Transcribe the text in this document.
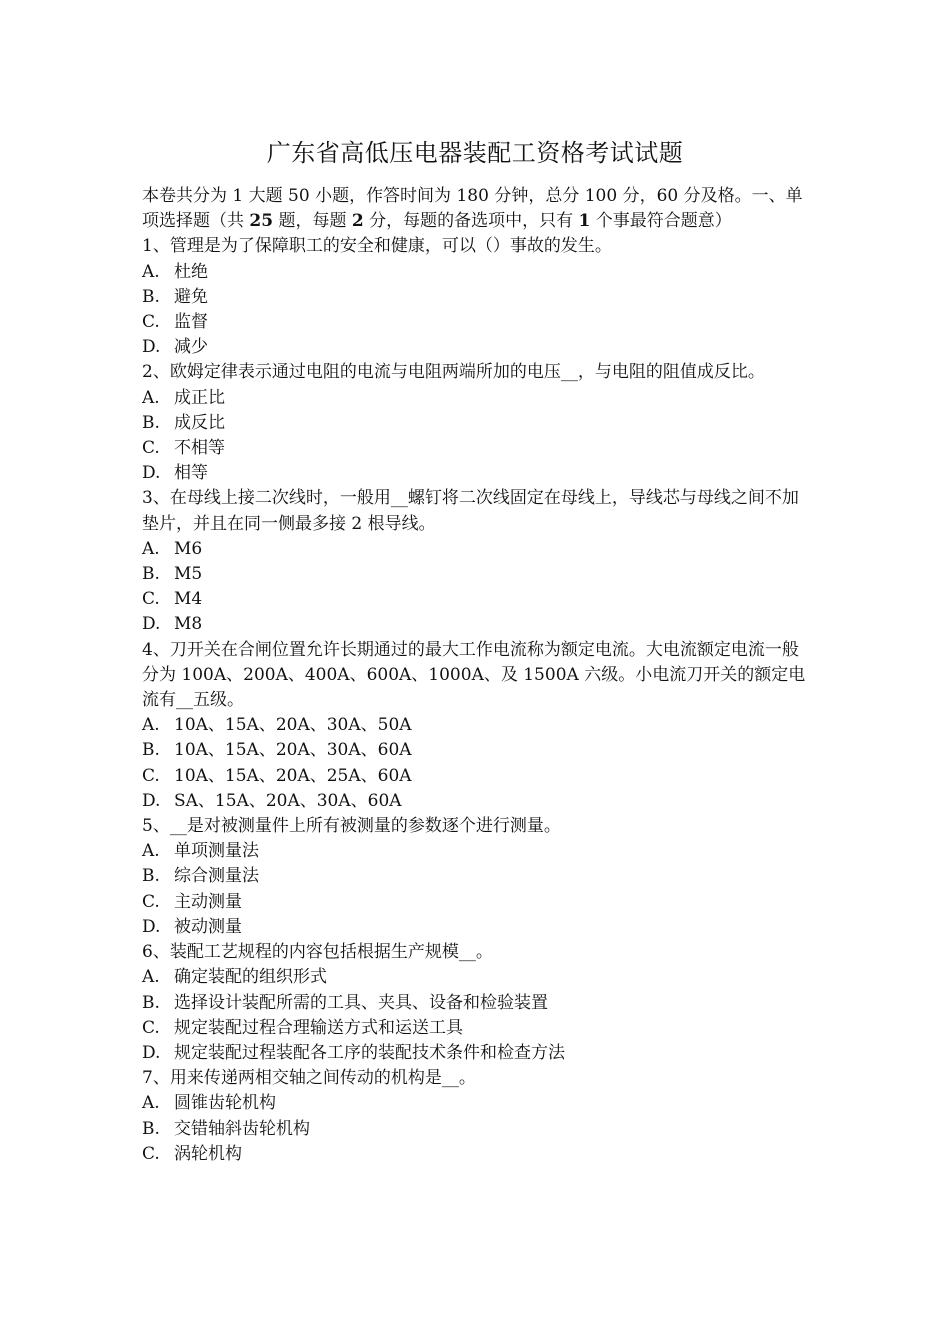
广东省高低压电器装配工资格考试试题

本卷共分为 1 大题 50 小题，作答时间为 180 分钟，总分 100 分，60 分及格。一、单项选择题（共 25 题，每题 2 分，每题的备选项中，只有 1 个事最符合题意）

1、管理是为了保障职工的安全和健康，可以（）事故的发生。

A. 杜绝
B. 避免
C. 监督
D. 减少

2、欧姆定律表示通过电阻的电流与电阻两端所加的电压__，与电阻的阻值成反比。

A. 成正比
B. 成反比
C. 不相等
D. 相等

3、在母线上接二次线时，一般用__螺钉将二次线固定在母线上，导线芯与母线之间不加垫片，并且在同一侧最多接 2 根导线。

A. M6
B. M5
C. M4
D. M8

4、刀开关在合闸位置允许长期通过的最大工作电流称为额定电流。大电流额定电流一般分为 100A、200A、400A、600A、1000A、及 1500A 六级。小电流刀开关的额定电流有__五级。

A. 10A、15A、20A、30A、50A
B. 10A、15A、20A、30A、60A
C. 10A、15A、20A、25A、60A
D. SA、15A、20A、30A、60A

5、__是对被测量件上所有被测量的参数逐个进行测量。

A. 单项测量法
B. 综合测量法
C. 主动测量
D. 被动测量

6、装配工艺规程的内容包括根据生产规模__。

A. 确定装配的组织形式
B. 选择设计装配所需的工具、夹具、设备和检验装置
C. 规定装配过程合理输送方式和运送工具
D. 规定装配过程装配各工序的装配技术条件和检查方法

7、用来传递两相交轴之间传动的机构是__。

A. 圆锥齿轮机构
B. 交错轴斜齿轮机构
C. 涡轮机构
